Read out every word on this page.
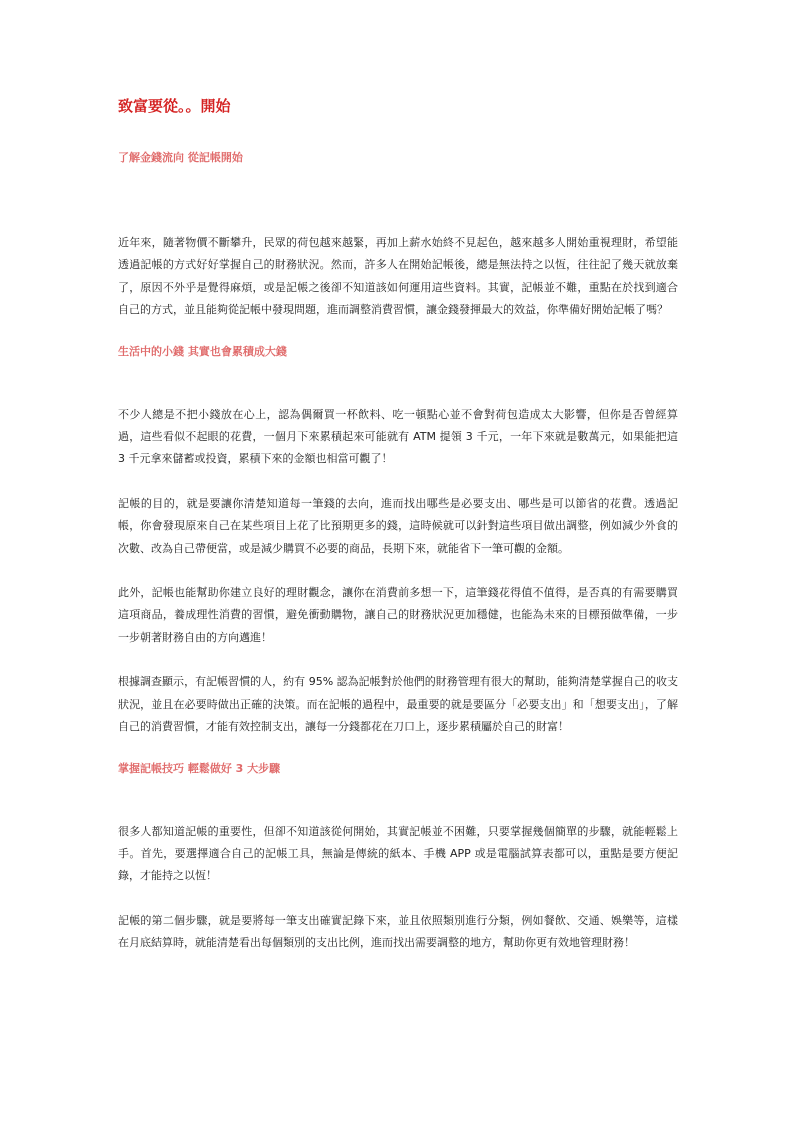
致富要從。。開始
了解金錢流向 從記帳開始

近年來，隨著物價不斷攀升，民眾的荷包越來越緊，再加上薪水始終不見起色，越來越多人開始重視理財，希望能透過記帳的方式好好掌握自己的財務狀況。然而，許多人在開始記帳後，總是無法持之以恆，往往記了幾天就放棄了，原因不外乎是覺得麻煩，或是記帳之後卻不知道該如何運用這些資料。其實，記帳並不難，重點在於找到適合自己的方式，並且能夠從記帳中發現問題，進而調整消費習慣，讓金錢發揮最大的效益，你準備好開始記帳了嗎？

生活中的小錢 其實也會累積成大錢

不少人總是不把小錢放在心上，認為偶爾買一杯飲料、吃一頓點心並不會對荷包造成太大影響，但你是否曾經算過，這些看似不起眼的花費，一個月下來累積起來可能就有 ATM 提領 3 千元，一年下來就是數萬元，如果能把這 3 千元拿來儲蓄或投資，累積下來的金額也相當可觀了！

記帳的目的，就是要讓你清楚知道每一筆錢的去向，進而找出哪些是必要支出、哪些是可以節省的花費。透過記帳，你會發現原來自己在某些項目上花了比預期更多的錢，這時候就可以針對這些項目做出調整，例如減少外食的次數、改為自己帶便當，或是減少購買不必要的商品，長期下來，就能省下一筆可觀的金額。

此外，記帳也能幫助你建立良好的理財觀念，讓你在消費前多想一下，這筆錢花得值不值得，是否真的有需要購買這項商品，養成理性消費的習慣，避免衝動購物，讓自己的財務狀況更加穩健，也能為未來的目標預做準備，一步一步朝著財務自由的方向邁進！

根據調查顯示，有記帳習慣的人，約有 95% 認為記帳對於他們的財務管理有很大的幫助，能夠清楚掌握自己的收支狀況，並且在必要時做出正確的決策。而在記帳的過程中，最重要的就是要區分「必要支出」和「想要支出」，了解自己的消費習慣，才能有效控制支出，讓每一分錢都花在刀口上，逐步累積屬於自己的財富！

掌握記帳技巧 輕鬆做好 3 大步驟

很多人都知道記帳的重要性，但卻不知道該從何開始，其實記帳並不困難，只要掌握幾個簡單的步驟，就能輕鬆上手。首先，要選擇適合自己的記帳工具，無論是傳統的紙本、手機 APP 或是電腦試算表都可以，重點是要方便記錄，才能持之以恆！

記帳的第二個步驟，就是要將每一筆支出確實記錄下來，並且依照類別進行分類，例如餐飲、交通、娛樂等，這樣在月底結算時，就能清楚看出每個類別的支出比例，進而找出需要調整的地方，幫助你更有效地管理財務！
